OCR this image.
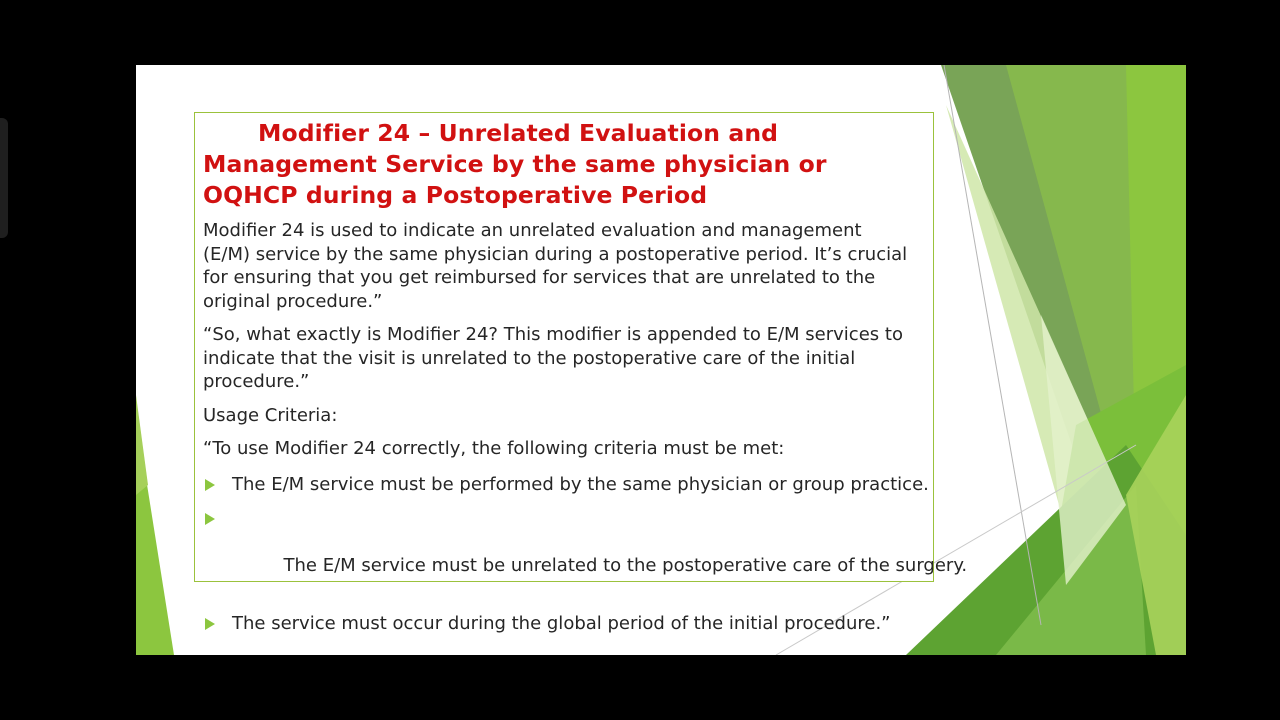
Modifier 24 – Unrelated Evaluation and Management Service by the same physician or OQHCP during a Postoperative Period

Modifier 24 is used to indicate an unrelated evaluation and management (E/M) service by the same physician during a postoperative period. It’s crucial for ensuring that you get reimbursed for services that are unrelated to the original procedure.”

“So, what exactly is Modifier 24? This modifier is appended to E/M services to indicate that the visit is unrelated to the postoperative care of the initial procedure.”

Usage Criteria:

“To use Modifier 24 correctly, the following criteria must be met:

The E/M service must be performed by the same physician or group practice.

The E/M service must be unrelated to the postoperative care of the surgery.

The service must occur during the global period of the initial procedure.”
